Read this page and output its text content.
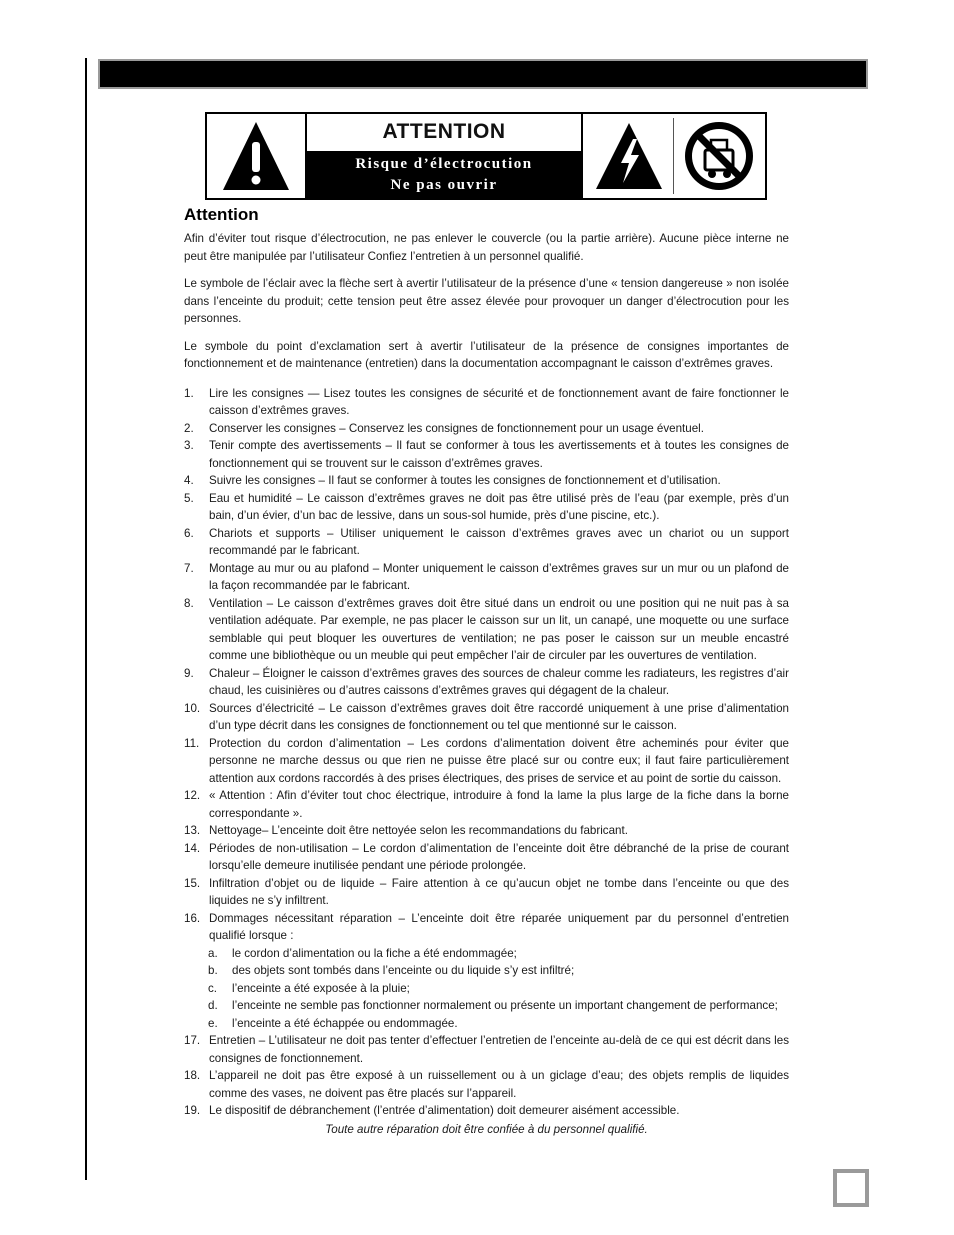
ATTENTION
Risque d’électrocution
Ne pas ouvrir
Attention

Afin d’éviter tout risque d’électrocution, ne pas enlever le couvercle (ou la partie arrière). Aucune pièce interne ne peut être manipulée par l’utilisateur Confiez l’entretien à un personnel qualifié.

Le symbole de l’éclair avec la flèche sert à avertir l’utilisateur de la présence d’une « tension dangereuse » non isolée dans l’enceinte du produit; cette tension peut être assez élevée pour provoquer un danger d’électrocution pour les personnes.

Le symbole du point d’exclamation sert à avertir l’utilisateur de la présence de consignes importantes de fonctionnement et de maintenance (entretien) dans la documentation accompagnant le caisson d’extrêmes graves.

1.	Lire les consignes — Lisez toutes les consignes de sécurité et de fonctionnement avant de faire fonctionner le caisson d’extrêmes graves.
2.	Conserver les consignes – Conservez les consignes de fonctionnement pour un usage éventuel.
3.	Tenir compte des avertissements – Il faut se conformer à tous les avertissements et à toutes les consignes de fonctionnement qui se trouvent sur le caisson d’extrêmes graves.
4.	Suivre les consignes – Il faut se conformer à toutes les consignes de fonctionnement et d’utilisation.
5.	Eau et humidité – Le caisson d’extrêmes graves ne doit pas être utilisé près de l’eau (par exemple, près d’un bain, d’un évier, d’un bac de lessive, dans un sous-sol humide, près d’une piscine, etc.).
6.	Chariots et supports – Utiliser uniquement le caisson d’extrêmes graves avec un chariot ou un support recommandé par le fabricant.
7.	Montage au mur ou au plafond – Monter uniquement le caisson d’extrêmes graves sur un mur ou un plafond de la façon recommandée par le fabricant.
8.	Ventilation – Le caisson d’extrêmes graves doit être situé dans un endroit ou une position qui ne nuit pas à sa ventilation adéquate. Par exemple, ne pas placer le caisson sur un lit, un canapé, une moquette ou une surface semblable qui peut bloquer les ouvertures de ventilation; ne pas poser le caisson sur un meuble encastré comme une bibliothèque ou un meuble qui peut empêcher l’air de circuler par les ouvertures de ventilation.
9.	Chaleur – Éloigner le caisson d’extrêmes graves des sources de chaleur comme les radiateurs, les registres d’air chaud, les cuisinières ou d’autres caissons d’extrêmes graves qui dégagent de la chaleur.
10. Sources d’électricité – Le caisson d’extrêmes graves doit être raccordé uniquement à une prise d’alimentation d’un type décrit dans les consignes de fonctionnement ou tel que mentionné sur le caisson.
11. Protection du cordon d’alimentation – Les cordons d’alimentation doivent être acheminés pour éviter que personne ne marche dessus ou que rien ne puisse être placé sur ou contre eux; il faut faire particulièrement attention aux cordons raccordés à des prises électriques, des prises de service et au point de sortie du caisson.
12. « Attention : Afin d’éviter tout choc électrique, introduire à fond la lame la plus large de la fiche dans la borne correspondante ».
13. Nettoyage– L’enceinte doit être nettoyée selon les recommandations du fabricant.
14. Périodes de non-utilisation – Le cordon d’alimentation de l’enceinte doit être débranché de la prise de courant lorsqu’elle demeure inutilisée pendant une période prolongée.
15. Infiltration d’objet ou de liquide – Faire attention à ce qu’aucun objet ne tombe dans l’enceinte ou que des liquides ne s’y infiltrent.
16. Dommages nécessitant réparation – L’enceinte doit être réparée uniquement par du personnel d’entretien qualifié lorsque :
a.	le cordon d’alimentation ou la fiche a été endommagée;
b.	des objets sont tombés dans l’enceinte ou du liquide s’y est infiltré;
c.	l’enceinte a été exposée à la pluie;
d.	l’enceinte ne semble pas fonctionner normalement ou présente un important changement de performance;
e.	l’enceinte a été échappée ou endommagée.
17. Entretien – L’utilisateur ne doit pas tenter d’effectuer l’entretien de l’enceinte au-delà de ce qui est décrit dans les consignes de fonctionnement.
18. L’appareil ne doit pas être exposé à un ruissellement ou à un giclage d’eau; des objets remplis de liquides comme des vases, ne doivent pas être placés sur l’appareil.
19. Le dispositif de débranchement (l’entrée d’alimentation) doit demeurer aisément accessible.
Toute autre réparation doit être confiée à du personnel qualifié.
